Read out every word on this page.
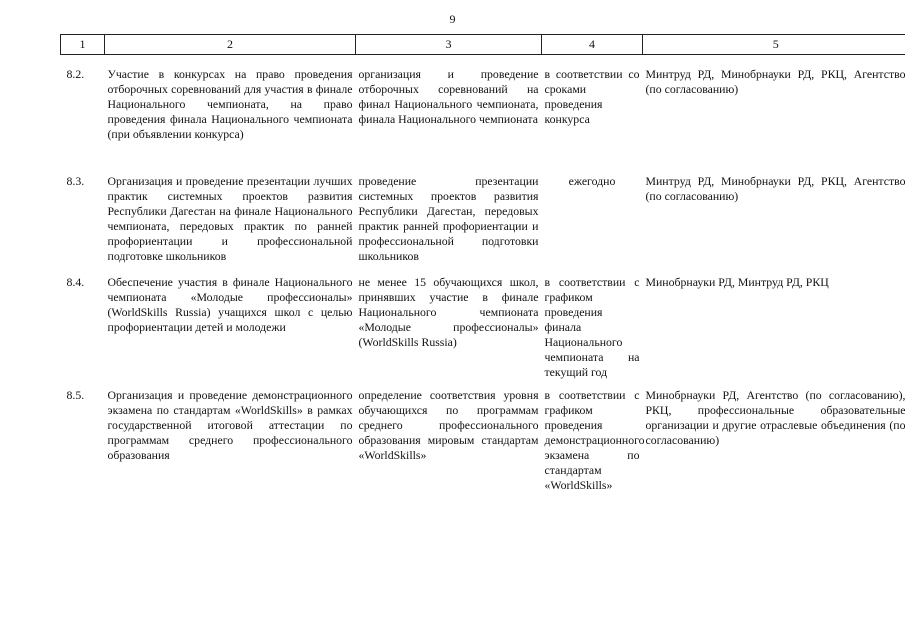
9
1	2	3	4	5
8.2.	Участие в конкурсах на право проведения отборочных соревнований для участия в финале Национального чемпионата, на право проведения финала Национального чемпионата (при объявлении конкурса)	организация и проведение отборочных соревнований на финал Национального чемпионата, финала Национального чемпионата	в соответствии со сроками проведения конкурса	Минтруд РД, Минобрнауки РД, РКЦ, Агентство (по согласованию)
8.3.	Организация и проведение презентации лучших практик системных проектов развития Республики Дагестан на финале Национального чемпионата, передовых практик по ранней профориентации и профессиональной подготовке школьников	проведение презентации системных проектов развития Республики Дагестан, передовых практик ранней профориентации и профессиональной подготовки школьников	ежегодно	Минтруд РД, Минобрнауки РД, РКЦ, Агентство (по согласованию)
8.4.	Обеспечение участия в финале Национального чемпионата «Молодые профессионалы» (WorldSkills Russia) учащихся школ с целью профориентации детей и молодежи	не менее 15 обучающихся школ, принявших участие в финале Национального чемпионата «Молодые профессионалы» (WorldSkills Russia)	в соответствии с графиком проведения финала Национального чемпионата на текущий год	Минобрнауки РД, Минтруд РД, РКЦ
8.5.	Организация и проведение демонстрационного экзамена по стандартам «WorldSkills» в рамках государственной итоговой аттестации по программам среднего профессионального образования	определение соответствия уровня обучающихся по программам среднего профессионального образования мировым стандартам «WorldSkills»	в соответствии с графиком проведения демонстрационного экзамена по стандартам «WorldSkills»	Минобрнауки РД, Агентство (по согласованию), РКЦ, профессиональные образовательные организации и другие отраслевые объединения (по согласованию)
